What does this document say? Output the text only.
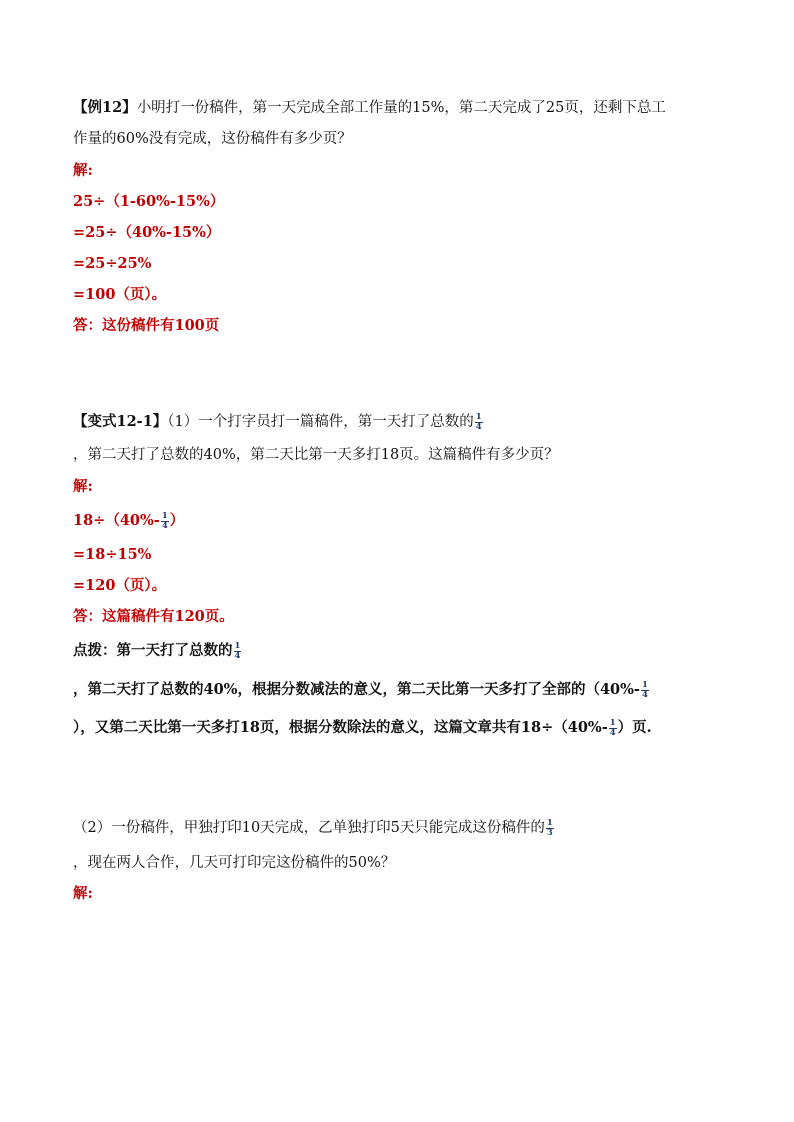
【例12】小明打一份稿件，第一天完成全部工作量的15%，第二天完成了25页，还剩下总工
作量的60%没有完成，这份稿件有多少页？
解:
25÷（1-60%-15%）
=25÷（40%-15%）
=25÷25%
=100（页）。
答：这份稿件有100页
【变式12-1】（1）一个打字员打一篇稿件，第一天打了总数的 $\frac{1}{4}$
，第二天打了总数的40%，第二天比第一天多打18页。这篇稿件有多少页？
解:
$18\div(40\%- \frac{1}{4}$ ）
=18÷15%
=120（页）。
答：这篇稿件有120页。
点拨：第一天打了总数的 $\frac{1}{4}$
，第二天打了总数的40%，根据分数减法的意义，第二天比第一天多打了全部的（$40\%- \frac{1}{4}$
），又第二天比第一天多打18页，根据分数除法的意义，这篇文章共有$18\div(40\%- \frac{1}{4}$ ）页.
（2）一份稿件，甲独打印10天完成，乙单独打印5天只能完成这份稿件的 $\frac{1}{3}$
，现在两人合作，几天可打印完这份稿件的50%？
解:
